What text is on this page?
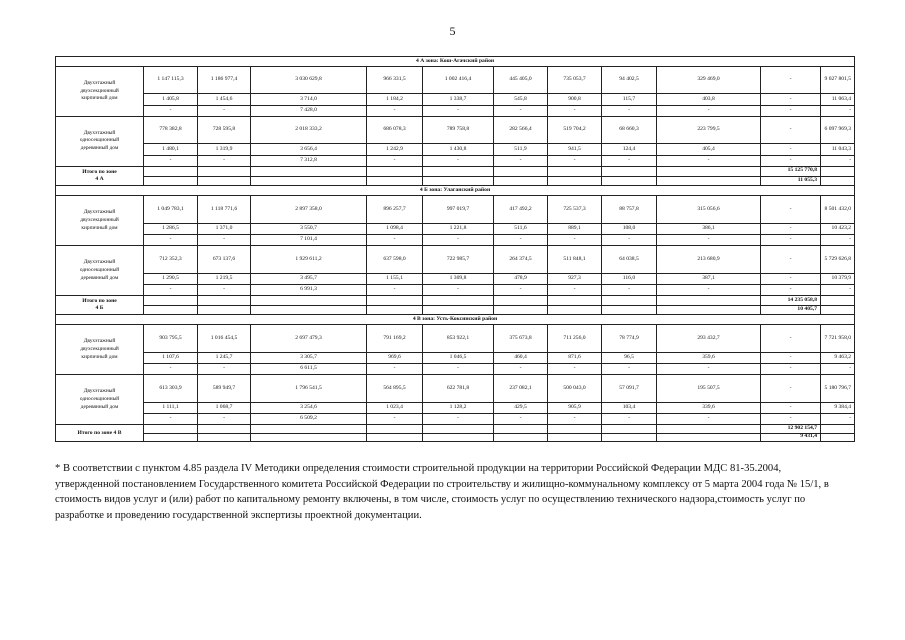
5
4 А зона: Кош-Агачский район												

Двухэтажный
двухсекционный
кирпичный дом	1 147 115,3	1 186 977,4	3 030 629,8	966 331,5	1 002 416,4	445 405,0	735 053,7	94 402,5	329 469,0	-	9 027 801,5	
	1 405,8	1 454,6	3 714,0	1 184,2	1 338,7	545,8	900,8	115,7	403,8	-	11 063,4	
	-	-	7 428,0	-	-	-	-	-	-	-	-	

Двухэтажный
односекционный
деревянный дом	778 382,8	728 595,8	2 018 333,2	686 078,3	789 758,8	282 566,4	519 704,2	68 660,3	223 799,5	-	6 097 969,3	
	1 480,1	1 319,9	3 656,4	1 242,9	1 430,8	511,9	941,5	124,4	405,4	-	11 043,3	
	-	-	7 312,8	-	-	-	-	-	-	-	-	

Итого по зоне
4 А										15 125 770,8		
										11 055,3		
4 Б зона: Улаганский район												

Двухэтажный
двухсекционный
кирпичный дом	1 049 783,1	1 118 771,6	2 897 358,0	896 257,7	997 019,7	417 492,2	725 537,3	88 757,8	315 056,6	-	8 501 432,0	
	1 286,5	1 371,0	3 550,7	1 098,4	1 221,8	511,6	889,1	108,0	386,1	-	10 423,2	
	-	-	7 101,4	-	-	-	-	-	-	-	-	

Двухэтажный
односекционный
деревянный дом	712 352,3	673 137,6	1 929 611,2	637 598,0	722 985,7	264 374,5	511 848,1	64 038,5	213 680,9	-	5 729 626,8	
	1 290,5	1 219,5	3 495,7	1 155,1	1 309,8	478,9	927,3	116,0	387,1	-	10 379,9	
	-	-	6 991,3	-	-	-	-	-	-	-	-	

Итого по зоне
4 Б										14 235 058,8		
										10 405,7		
4 В зона: Усть-Коксинский район												

Двухэтажный
двухсекционный
кирпичный дом	903 795,5	1 016 454,5	2 697 479,3	791 169,2	853 922,1	375 673,8	711 256,0	78 774,9	293 432,7	-	7 721 958,0	
	1 107,6	1 245,7	3 305,7	969,6	1 046,5	460,4	871,6	96,5	359,6	-	9 463,2	
	-	-	6 611,5	-	-	-	-	-	-	-	-	

Двухэтажный
односекционный
деревянный дом	613 303,9	589 949,7	1 796 541,5	564 895,5	622 781,8	237 082,1	500 043,0	57 091,7	195 507,5	-	5 180 796,7	
	1 111,1	1 068,7	3 254,6	1 023,4	1 128,2	429,5	905,9	103,4	339,6	-	9 384,4	
	-	-	6 509,2	-	-	-	-	-	-	-	-	

Итого по зоне 4 В										12 902 154,7		
										9 431,4		
* В соответствии с пунктом 4.85 раздела IV Методики определения стоимости строительной продукции на территории Российской Федерации МДС 81-35.2004, утвержденной постановлением Государственного комитета Российской Федерации по строительству и жилищно-коммунальному комплексу от 5 марта 2004 года № 15/1, в стоимость видов услуг и (или) работ по капитальному ремонту включены, в том числе, стоимость услуг по осуществлению технического надзора,стоимость услуг по разработке и проведению государственной экспертизы проектной документации.
